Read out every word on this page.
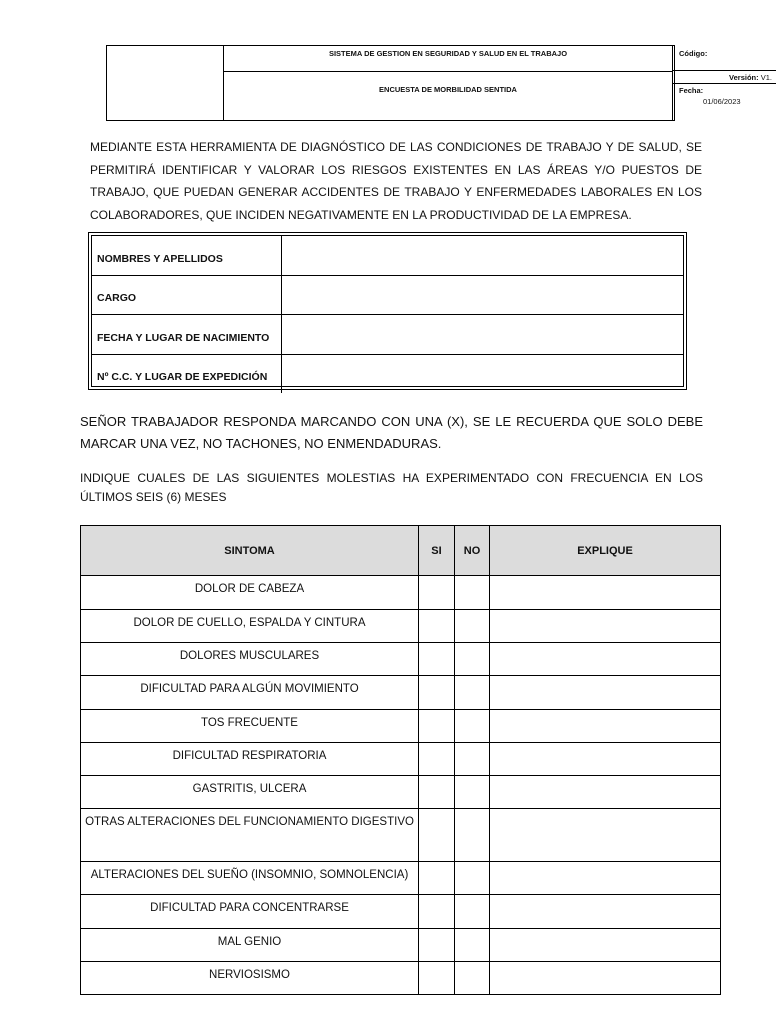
SISTEMA DE GESTION EN SEGURIDAD Y SALUD EN EL TRABAJO
ENCUESTA DE MORBILIDAD SENTIDA
Código:
Versión: V1.
Fecha:
01/06/2023
MEDIANTE ESTA HERRAMIENTA DE DIAGNÓSTICO DE LAS CONDICIONES DE TRABAJO Y DE SALUD, SE PERMITIRÁ IDENTIFICAR Y VALORAR LOS RIESGOS EXISTENTES EN LAS ÁREAS Y/O PUESTOS DE TRABAJO, QUE PUEDAN GENERAR ACCIDENTES DE TRABAJO Y ENFERMEDADES LABORALES EN LOS COLABORADORES, QUE INCIDEN NEGATIVAMENTE EN LA PRODUCTIVIDAD DE LA EMPRESA.
NOMBRES Y APELLIDOS
CARGO
FECHA Y LUGAR DE NACIMIENTO
Nº C.C. Y LUGAR DE EXPEDICIÓN
SEÑOR TRABAJADOR RESPONDA MARCANDO CON UNA (X), SE LE RECUERDA QUE SOLO DEBE MARCAR UNA VEZ, NO TACHONES, NO ENMENDADURAS.
INDIQUE CUALES DE LAS SIGUIENTES MOLESTIAS HA EXPERIMENTADO CON FRECUENCIA EN LOS ÚLTIMOS SEIS (6) MESES
SINTOMA	SI	NO	EXPLIQUE
DOLOR DE CABEZA			
DOLOR DE CUELLO, ESPALDA Y CINTURA			
DOLORES MUSCULARES			
DIFICULTAD PARA ALGÚN MOVIMIENTO			
TOS FRECUENTE			
DIFICULTAD RESPIRATORIA			
GASTRITIS, ULCERA			
OTRAS ALTERACIONES DEL FUNCIONAMIENTO DIGESTIVO			
ALTERACIONES DEL SUEÑO (INSOMNIO, SOMNOLENCIA)			
DIFICULTAD PARA CONCENTRARSE			
MAL GENIO			
NERVIOSISMO			
